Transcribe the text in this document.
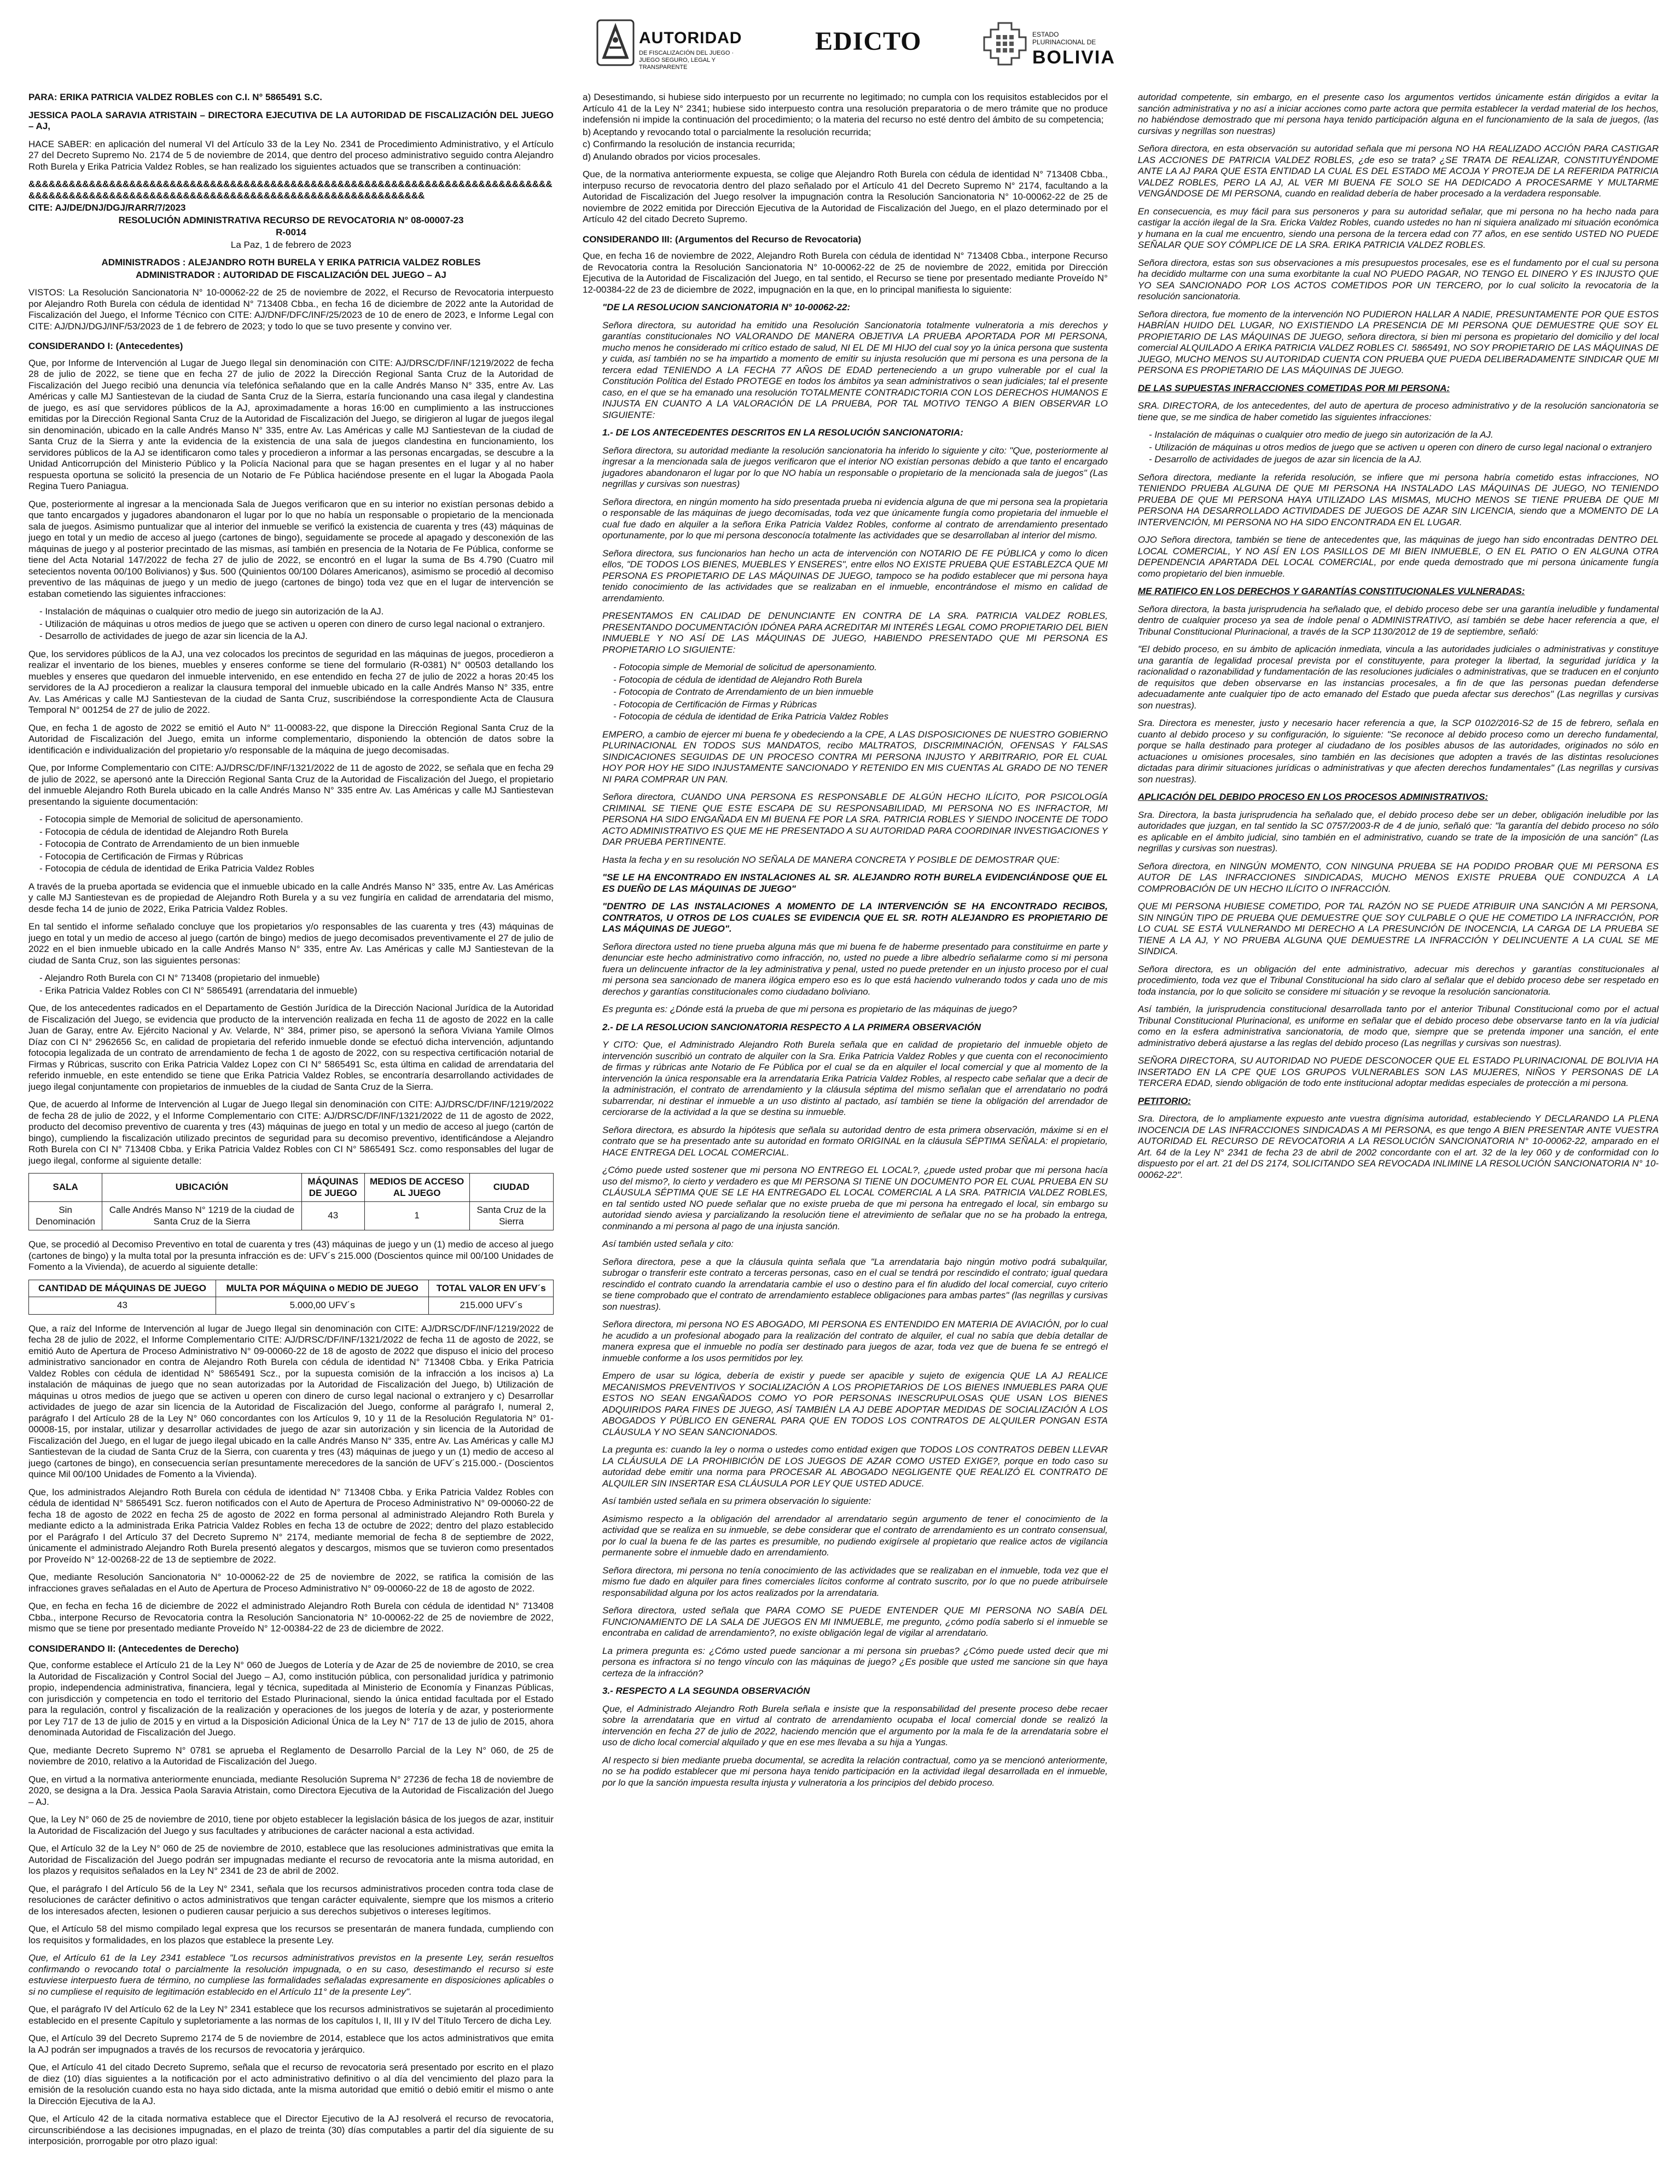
AUTORIDAD
DE FISCALIZACIÓN DEL JUEGO · JUEGO SEGURO, LEGAL Y TRANSPARENTE
EDICTO	ESTADO PLURINACIONAL DE
BOLIVIA

PARA: ERIKA PATRICIA VALDEZ ROBLES con C.I. N° 5865491 S.C.

JESSICA PAOLA SARAVIA ATRISTAIN – DIRECTORA EJECUTIVA DE LA AUTORIDAD DE FISCALIZACIÓN DEL JUEGO – AJ,

HACE SABER: en aplicación del numeral VI del Artículo 33 de la Ley No. 2341 de Procedimiento Administrativo, y el Artículo 27 del Decreto Supremo No. 2174 de 5 de noviembre de 2014, que dentro del proceso administrativo seguido contra Alejandro Roth Burela y Erika Patricia Valdez Robles, se han realizado los siguientes actuados que se transcriben a continuación:

&&&&&&&&&&&&&&&&&&&&&&&&&&&&&&&&&&&&&&&&&&&&&&&&&&&&&&&&&&&&&&&&&&&&&&&&&&&&&&&&&&&&&&&&&&&&&&&&&&&&&&&&&&&&&&&&&&&&&&&&&&&&&&&&&&&&&&&&&

CITE: AJ/DE/DNJ/DGJ/RARR/7/2023

RESOLUCIÓN ADMINISTRATIVA RECURSO DE REVOCATORIA N° 08-00007-23

R-0014

La Paz, 1 de febrero de 2023

ADMINISTRADOS : ALEJANDRO ROTH BURELA Y ERIKA PATRICIA VALDEZ ROBLES

ADMINISTRADOR : AUTORIDAD DE FISCALIZACIÓN DEL JUEGO – AJ

VISTOS: La Resolución Sancionatoria N° 10-00062-22 de 25 de noviembre de 2022, el Recurso de Revocatoria interpuesto por Alejandro Roth Burela con cédula de identidad N° 713408 Cbba., en fecha 16 de diciembre de 2022 ante la Autoridad de Fiscalización del Juego, el Informe Técnico con CITE: AJ/DNF/DFC/INF/25/2023 de 10 de enero de 2023, e Informe Legal con CITE: AJ/DNJ/DGJ/INF/53/2023 de 1 de febrero de 2023; y todo lo que se tuvo presente y convino ver.

CONSIDERANDO I: (Antecedentes)

Que, por Informe de Intervención al Lugar de Juego Ilegal sin denominación con CITE: AJ/DRSC/DF/INF/1219/2022 de fecha 28 de julio de 2022, se tiene que en fecha 27 de julio de 2022 la Dirección Regional Santa Cruz de la Autoridad de Fiscalización del Juego recibió una denuncia vía telefónica señalando que en la calle Andrés Manso N° 335, entre Av. Las Américas y calle MJ Santiestevan de la ciudad de Santa Cruz de la Sierra, estaría funcionando una casa ilegal y clandestina de juego, es así que servidores públicos de la AJ, aproximadamente a horas 16:00 en cumplimiento a las instrucciones emitidas por la Dirección Regional Santa Cruz de la Autoridad de Fiscalización del Juego, se dirigieron al lugar de juegos ilegal sin denominación, ubicado en la calle Andrés Manso N° 335, entre Av. Las Américas y calle MJ Santiestevan de la ciudad de Santa Cruz de la Sierra y ante la evidencia de la existencia de una sala de juegos clandestina en funcionamiento, los servidores públicos de la AJ se identificaron como tales y procedieron a informar a las personas encargadas, se descubre a la Unidad Anticorrupción del Ministerio Público y la Policía Nacional para que se hagan presentes en el lugar y al no haber respuesta oportuna se solicitó la presencia de un Notario de Fe Pública haciéndose presente en el lugar la Abogada Paola Regina Tuero Paniagua.

Que, posteriormente al ingresar a la mencionada Sala de Juegos verificaron que en su interior no existían personas debido a que tanto encargados y jugadores abandonaron el lugar por lo que no había un responsable o propietario de la mencionada sala de juegos. Asimismo puntualizar que al interior del inmueble se verificó la existencia de cuarenta y tres (43) máquinas de juego en total y un medio de acceso al juego (cartones de bingo), seguidamente se procede al apagado y desconexión de las máquinas de juego y al posterior precintado de las mismas, así también en presencia de la Notaria de Fe Pública, conforme se tiene del Acta Notarial 147/2022 de fecha 27 de julio de 2022, se encontró en el lugar la suma de Bs 4.790 (Cuatro mil setecientos noventa 00/100 Bolivianos) y $us. 500 (Quinientos 00/100 Dólares Americanos), asimismo se procedió al decomiso preventivo de las máquinas de juego y un medio de juego (cartones de bingo) toda vez que en el lugar de intervención se estaban cometiendo las siguientes infracciones:

- Instalación de máquinas o cualquier otro medio de juego sin autorización de la AJ.
- Utilización de máquinas u otros medios de juego que se activen u operen con dinero de curso legal nacional o extranjero.
- Desarrollo de actividades de juego de azar sin licencia de la AJ.

Que, los servidores públicos de la AJ, una vez colocados los precintos de seguridad en las máquinas de juegos, procedieron a realizar el inventario de los bienes, muebles y enseres conforme se tiene del formulario (R-0381) N° 00503 detallando los muebles y enseres que quedaron del inmueble intervenido, en ese entendido en fecha 27 de julio de 2022 a horas 20:45 los servidores de la AJ procedieron a realizar la clausura temporal del inmueble ubicado en la calle Andrés Manso N° 335, entre Av. Las Américas y calle MJ Santiestevan de la ciudad de Santa Cruz, suscribiéndose la correspondiente Acta de Clausura Temporal N° 001254 de 27 de julio de 2022.

Que, en fecha 1 de agosto de 2022 se emitió el Auto N° 11-00083-22, que dispone la Dirección Regional Santa Cruz de la Autoridad de Fiscalización del Juego, emita un informe complementario, disponiendo la obtención de datos sobre la identificación e individualización del propietario y/o responsable de la máquina de juego decomisadas.

Que, por Informe Complementario con CITE: AJ/DRSC/DF/INF/1321/2022 de 11 de agosto de 2022, se señala que en fecha 29 de julio de 2022, se apersonó ante la Dirección Regional Santa Cruz de la Autoridad de Fiscalización del Juego, el propietario del inmueble Alejandro Roth Burela ubicado en la calle Andrés Manso N° 335 entre Av. Las Américas y calle MJ Santiestevan presentando la siguiente documentación:

- Fotocopia simple de Memorial de solicitud de apersonamiento.
- Fotocopia de cédula de identidad de Alejandro Roth Burela
- Fotocopia de Contrato de Arrendamiento de un bien inmueble
- Fotocopia de Certificación de Firmas y Rúbricas
- Fotocopia de cédula de identidad de Erika Patricia Valdez Robles

A través de la prueba aportada se evidencia que el inmueble ubicado en la calle Andrés Manso N° 335, entre Av. Las Américas y calle MJ Santiestevan es de propiedad de Alejandro Roth Burela y a su vez fungiría en calidad de arrendataria del mismo, desde fecha 14 de junio de 2022, Erika Patricia Valdez Robles.

En tal sentido el informe señalado concluye que los propietarios y/o responsables de las cuarenta y tres (43) máquinas de juego en total y un medio de acceso al juego (cartón de bingo) medios de juego decomisados preventivamente el 27 de julio de 2022 en el bien inmueble ubicado en la calle Andrés Manso N° 335, entre Av. Las Américas y calle MJ Santiestevan de la ciudad de Santa Cruz, son las siguientes personas:

- Alejandro Roth Burela con CI N° 713408 (propietario del inmueble)
- Erika Patricia Valdez Robles con CI N° 5865491 (arrendataria del inmueble)

Que, de los antecedentes radicados en el Departamento de Gestión Jurídica de la Dirección Nacional Jurídica de la Autoridad de Fiscalización del Juego, se evidencia que producto de la intervención realizada en fecha 11 de agosto de 2022 en la calle Juan de Garay, entre Av. Ejército Nacional y Av. Velarde, N° 384, primer piso, se apersonó la señora Viviana Yamile Olmos Díaz con CI N° 2962656 Sc, en calidad de propietaria del referido inmueble donde se efectuó dicha intervención, adjuntando fotocopia legalizada de un contrato de arrendamiento de fecha 1 de agosto de 2022, con su respectiva certificación notarial de Firmas y Rúbricas, suscrito con Erika Patricia Valdez Lopez con CI N° 5865491 Sc, esta última en calidad de arrendataria del referido inmueble, en este entendido se tiene que Erika Patricia Valdez Robles, se encontraría desarrollando actividades de juego ilegal conjuntamente con propietarios de inmuebles de la ciudad de Santa Cruz de la Sierra.

Que, de acuerdo al Informe de Intervención al Lugar de Juego Ilegal sin denominación con CITE: AJ/DRSC/DF/INF/1219/2022 de fecha 28 de julio de 2022, y el Informe Complementario con CITE: AJ/DRSC/DF/INF/1321/2022 de 11 de agosto de 2022, producto del decomiso preventivo de cuarenta y tres (43) máquinas de juego en total y un medio de acceso al juego (cartón de bingo), cumpliendo la fiscalización utilizado precintos de seguridad para su decomiso preventivo, identificándose a Alejandro Roth Burela con CI N° 713408 Cbba. y Erika Patricia Valdez Robles con CI N° 5865491 Scz. como responsables del lugar de juego ilegal, conforme al siguiente detalle:

SALA	UBICACIÓN	MÁQUINAS DE JUEGO	MEDIOS DE ACCESO AL JUEGO	CIUDAD
Sin Denominación	Calle Andrés Manso N° 1219 de la ciudad de Santa Cruz de la Sierra	43	1	Santa Cruz de la Sierra

Que, se procedió al Decomiso Preventivo en total de cuarenta y tres (43) máquinas de juego y un (1) medio de acceso al juego (cartones de bingo) y la multa total por la presunta infracción es de: UFV´s 215.000 (Doscientos quince mil 00/100 Unidades de Fomento a la Vivienda), de acuerdo al siguiente detalle:

CANTIDAD DE MÁQUINAS DE JUEGO	MULTA POR MÁQUINA o MEDIO DE JUEGO	TOTAL VALOR EN UFV´s
43	5.000,00 UFV´s	215.000 UFV´s

Que, a raíz del Informe de Intervención al lugar de Juego Ilegal sin denominación con CITE: AJ/DRSC/DF/INF/1219/2022 de fecha 28 de julio de 2022, el Informe Complementario CITE: AJ/DRSC/DF/INF/1321/2022 de fecha 11 de agosto de 2022, se emitió Auto de Apertura de Proceso Administrativo N° 09-00060-22 de 18 de agosto de 2022 que dispuso el inicio del proceso administrativo sancionador en contra de Alejandro Roth Burela con cédula de identidad N° 713408 Cbba. y Erika Patricia Valdez Robles con cédula de identidad N° 5865491 Scz., por la supuesta comisión de la infracción a los incisos a) La instalación de máquinas de juego que no sean autorizadas por la Autoridad de Fiscalización del Juego, b) Utilización de máquinas u otros medios de juego que se activen u operen con dinero de curso legal nacional o extranjero y c) Desarrollar actividades de juego de azar sin licencia de la Autoridad de Fiscalización del Juego, conforme al parágrafo I, numeral 2, parágrafo I del Artículo 28 de la Ley N° 060 concordantes con los Artículos 9, 10 y 11 de la Resolución Regulatoria N° 01-00008-15, por instalar, utilizar y desarrollar actividades de juego de azar sin autorización y sin licencia de la Autoridad de Fiscalización del Juego, en el lugar de juego ilegal ubicado en la calle Andrés Manso N° 335, entre Av. Las Américas y calle MJ Santiestevan de la ciudad de Santa Cruz de la Sierra, con cuarenta y tres (43) máquinas de juego y un (1) medio de acceso al juego (cartones de bingo), en consecuencia serían presuntamente merecedores de la sanción de UFV´s 215.000.- (Doscientos quince Mil 00/100 Unidades de Fomento a la Vivienda).

Que, los administrados Alejandro Roth Burela con cédula de identidad N° 713408 Cbba. y Erika Patricia Valdez Robles con cédula de identidad N° 5865491 Scz. fueron notificados con el Auto de Apertura de Proceso Administrativo N° 09-00060-22 de fecha 18 de agosto de 2022 en fecha 25 de agosto de 2022 en forma personal al administrado Alejandro Roth Burela y mediante edicto a la administrada Erika Patricia Valdez Robles en fecha 13 de octubre de 2022; dentro del plazo establecido por el Parágrafo I del Artículo 37 del Decreto Supremo N° 2174, mediante memorial de fecha 8 de septiembre de 2022, únicamente el administrado Alejandro Roth Burela presentó alegatos y descargos, mismos que se tuvieron como presentados por Proveído N° 12-00268-22 de 13 de septiembre de 2022.

Que, mediante Resolución Sancionatoria N° 10-00062-22 de 25 de noviembre de 2022, se ratifica la comisión de las infracciones graves señaladas en el Auto de Apertura de Proceso Administrativo N° 09-00060-22 de 18 de agosto de 2022.

Que, en fecha en fecha 16 de diciembre de 2022 el administrado Alejandro Roth Burela con cédula de identidad N° 713408 Cbba., interpone Recurso de Revocatoria contra la Resolución Sancionatoria N° 10-00062-22 de 25 de noviembre de 2022, mismo que se tiene por presentado mediante Proveído N° 12-00384-22 de 23 de diciembre de 2022.

CONSIDERANDO II: (Antecedentes de Derecho)

Que, conforme establece el Artículo 21 de la Ley N° 060 de Juegos de Lotería y de Azar de 25 de noviembre de 2010, se crea la Autoridad de Fiscalización y Control Social del Juego – AJ, como institución pública, con personalidad jurídica y patrimonio propio, independencia administrativa, financiera, legal y técnica, supeditada al Ministerio de Economía y Finanzas Públicas, con jurisdicción y competencia en todo el territorio del Estado Plurinacional, siendo la única entidad facultada por el Estado para la regulación, control y fiscalización de la realización y operaciones de los juegos de lotería y de azar, y posteriormente por Ley 717 de 13 de julio de 2015 y en virtud a la Disposición Adicional Única de la Ley N° 717 de 13 de julio de 2015, ahora denominada Autoridad de Fiscalización del Juego.

Que, mediante Decreto Supremo N° 0781 se aprueba el Reglamento de Desarrollo Parcial de la Ley N° 060, de 25 de noviembre de 2010, relativo a la Autoridad de Fiscalización del Juego.

Que, en virtud a la normativa anteriormente enunciada, mediante Resolución Suprema N° 27236 de fecha 18 de noviembre de 2020, se designa a la Dra. Jessica Paola Saravia Atristain, como Directora Ejecutiva de la Autoridad de Fiscalización del Juego – AJ.

Que, la Ley N° 060 de 25 de noviembre de 2010, tiene por objeto establecer la legislación básica de los juegos de azar, instituir la Autoridad de Fiscalización del Juego y sus facultades y atribuciones de carácter nacional a esta actividad.

Que, el Artículo 32 de la Ley N° 060 de 25 de noviembre de 2010, establece que las resoluciones administrativas que emita la Autoridad de Fiscalización del Juego podrán ser impugnadas mediante el recurso de revocatoria ante la misma autoridad, en los plazos y requisitos señalados en la Ley N° 2341 de 23 de abril de 2002.

Que, el parágrafo I del Artículo 56 de la Ley N° 2341, señala que los recursos administrativos proceden contra toda clase de resoluciones de carácter definitivo o actos administrativos que tengan carácter equivalente, siempre que los mismos a criterio de los interesados afecten, lesionen o pudieren causar perjuicio a sus derechos subjetivos o intereses legítimos.

Que, el Artículo 58 del mismo compilado legal expresa que los recursos se presentarán de manera fundada, cumpliendo con los requisitos y formalidades, en los plazos que establece la presente Ley.

Que, el Artículo 61 de la Ley 2341 establece "Los recursos administrativos previstos en la presente Ley, serán resueltos confirmando o revocando total o parcialmente la resolución impugnada, o en su caso, desestimando el recurso si este estuviese interpuesto fuera de término, no cumpliese las formalidades señaladas expresamente en disposiciones aplicables o si no cumpliese el requisito de legitimación establecido en el Artículo 11° de la presente Ley".

Que, el parágrafo IV del Artículo 62 de la Ley N° 2341 establece que los recursos administrativos se sujetarán al procedimiento establecido en el presente Capítulo y supletoriamente a las normas de los capítulos I, II, III y IV del Título Tercero de dicha Ley.

Que, el Artículo 39 del Decreto Supremo 2174 de 5 de noviembre de 2014, establece que los actos administrativos que emita la AJ podrán ser impugnados a través de los recursos de revocatoria y jerárquico.

Que, el Artículo 41 del citado Decreto Supremo, señala que el recurso de revocatoria será presentado por escrito en el plazo de diez (10) días siguientes a la notificación por el acto administrativo definitivo o al día del vencimiento del plazo para la emisión de la resolución cuando esta no haya sido dictada, ante la misma autoridad que emitió o debió emitir el mismo o ante la Dirección Ejecutiva de la AJ.

Que, el Artículo 42 de la citada normativa establece que el Director Ejecutivo de la AJ resolverá el recurso de revocatoria, circunscribiéndose a las decisiones impugnadas, en el plazo de treinta (30) días computables a partir del día siguiente de su interposición, prorrogable por otro plazo igual:

a) Desestimando, si hubiese sido interpuesto por un recurrente no legitimado; no cumpla con los requisitos establecidos por el Artículo 41 de la Ley N° 2341; hubiese sido interpuesto contra una resolución preparatoria o de mero trámite que no produce indefensión ni impide la continuación del procedimiento; o la materia del recurso no esté dentro del ámbito de su competencia;

b) Aceptando y revocando total o parcialmente la resolución recurrida;

c) Confirmando la resolución de instancia recurrida;

d) Anulando obrados por vicios procesales.

Que, de la normativa anteriormente expuesta, se colige que Alejandro Roth Burela con cédula de identidad N° 713408 Cbba., interpuso recurso de revocatoria dentro del plazo señalado por el Artículo 41 del Decreto Supremo N° 2174, facultando a la Autoridad de Fiscalización del Juego resolver la impugnación contra la Resolución Sancionatoria N° 10-00062-22 de 25 de noviembre de 2022 emitida por Dirección Ejecutiva de la Autoridad de Fiscalización del Juego, en el plazo determinado por el Artículo 42 del citado Decreto Supremo.

CONSIDERANDO III: (Argumentos del Recurso de Revocatoria)

Que, en fecha 16 de noviembre de 2022, Alejandro Roth Burela con cédula de identidad N° 713408 Cbba., interpone Recurso de Revocatoria contra la Resolución Sancionatoria N° 10-00062-22 de 25 de noviembre de 2022, emitida por Dirección Ejecutiva de la Autoridad de Fiscalización del Juego, en tal sentido, el Recurso se tiene por presentado mediante Proveído N° 12-00384-22 de 23 de diciembre de 2022, impugnación en la que, en lo principal manifiesta lo siguiente:

"DE LA RESOLUCION SANCIONATORIA N° 10-00062-22:

Señora directora, su autoridad ha emitido una Resolución Sancionatoria totalmente vulneratoria a mis derechos y garantías constitucionales NO VALORANDO DE MANERA OBJETIVA LA PRUEBA APORTADA POR MI PERSONA, mucho menos he considerado mi crítico estado de salud, NI EL DE MI HIJO del cual soy yo la única persona que sustenta y cuida, así también no se ha impartido a momento de emitir su injusta resolución que mi persona es una persona de la tercera edad TENIENDO A LA FECHA 77 AÑOS DE EDAD perteneciendo a un grupo vulnerable por el cual la Constitución Política del Estado PROTEGE en todos los ámbitos ya sean administrativos o sean judiciales; tal el presente caso, en el que se ha emanado una resolución TOTALMENTE CONTRADICTORIA CON LOS DERECHOS HUMANOS E INJUSTA EN CUANTO A LA VALORACIÓN DE LA PRUEBA, POR TAL MOTIVO TENGO A BIEN OBSERVAR LO SIGUIENTE:

1.- DE LOS ANTECEDENTES DESCRITOS EN LA RESOLUCIÓN SANCIONATORIA:

Señora directora, su autoridad mediante la resolución sancionatoria ha inferido lo siguiente y cito: "Que, posteriormente al ingresar a la mencionada sala de juegos verificaron que el interior NO existían personas debido a que tanto el encargado jugadores abandonaron el lugar por lo que NO había un responsable o propietario de la mencionada sala de juegos" (Las negrillas y cursivas son nuestras)

Señora directora, en ningún momento ha sido presentada prueba ni evidencia alguna de que mi persona sea la propietaria o responsable de las máquinas de juego decomisadas, toda vez que únicamente fungía como propietaria del inmueble el cual fue dado en alquiler a la señora Erika Patricia Valdez Robles, conforme al contrato de arrendamiento presentado oportunamente, por lo que mi persona desconocía totalmente las actividades que se desarrollaban al interior del mismo.

Señora directora, sus funcionarios han hecho un acta de intervención con NOTARIO DE FE PÚBLICA y como lo dicen ellos, "DE TODOS LOS BIENES, MUEBLES Y ENSERES", entre ellos NO EXISTE PRUEBA QUE ESTABLEZCA QUE MI PERSONA ES PROPIETARIO DE LAS MÁQUINAS DE JUEGO, tampoco se ha podido establecer que mi persona haya tenido conocimiento de las actividades que se realizaban en el inmueble, encontrándose el mismo en calidad de arrendamiento.

PRESENTAMOS EN CALIDAD DE DENUNCIANTE EN CONTRA DE LA SRA. PATRICIA VALDEZ ROBLES, PRESENTANDO DOCUMENTACIÓN IDÓNEA PARA ACREDITAR MI INTERÉS LEGAL COMO PROPIETARIO DEL BIEN INMUEBLE Y NO ASÍ DE LAS MÁQUINAS DE JUEGO, HABIENDO PRESENTADO QUE MI PERSONA ES PROPIETARIO LO SIGUIENTE:

- Fotocopia simple de Memorial de solicitud de apersonamiento.
- Fotocopia de cédula de identidad de Alejandro Roth Burela
- Fotocopia de Contrato de Arrendamiento de un bien inmueble
- Fotocopia de Certificación de Firmas y Rúbricas
- Fotocopia de cédula de identidad de Erika Patricia Valdez Robles

EMPERO, a cambio de ejercer mi buena fe y obedeciendo a la CPE, A LAS DISPOSICIONES DE NUESTRO GOBIERNO PLURINACIONAL EN TODOS SUS MANDATOS, recibo MALTRATOS, DISCRIMINACIÓN, OFENSAS Y FALSAS SINDICACIONES SEGUIDAS DE UN PROCESO CONTRA MI PERSONA INJUSTO Y ARBITRARIO, POR EL CUAL HOY POR HOY HE SIDO INJUSTAMENTE SANCIONADO Y RETENIDO EN MIS CUENTAS AL GRADO DE NO TENER NI PARA COMPRAR UN PAN.

Señora directora, CUANDO UNA PERSONA ES RESPONSABLE DE ALGÚN HECHO ILÍCITO, POR PSICOLOGÍA CRIMINAL SE TIENE QUE ESTE ESCAPA DE SU RESPONSABILIDAD, MI PERSONA NO ES INFRACTOR, MI PERSONA HA SIDO ENGAÑADA EN MI BUENA FE POR LA SRA. PATRICIA ROBLES Y SIENDO INOCENTE DE TODO ACTO ADMINISTRATIVO ES QUE ME HE PRESENTADO A SU AUTORIDAD PARA COORDINAR INVESTIGACIONES Y DAR PRUEBA PERTINENTE.

Hasta la fecha y en su resolución NO SEÑALA DE MANERA CONCRETA Y POSIBLE DE DEMOSTRAR QUE:

"SE LE HA ENCONTRADO EN INSTALACIONES AL SR. ALEJANDRO ROTH BURELA EVIDENCIÁNDOSE QUE EL ES DUEÑO DE LAS MÁQUINAS DE JUEGO"

"DENTRO DE LAS INSTALACIONES A MOMENTO DE LA INTERVENCIÓN SE HA ENCONTRADO RECIBOS, CONTRATOS, U OTROS DE LOS CUALES SE EVIDENCIA QUE EL SR. ROTH ALEJANDRO ES PROPIETARIO DE LAS MÁQUINAS DE JUEGO".

Señora directora usted no tiene prueba alguna más que mi buena fe de haberme presentado para constituirme en parte y denunciar este hecho administrativo como infracción, no, usted no puede a libre albedrío señalarme como si mi persona fuera un delincuente infractor de la ley administrativa y penal, usted no puede pretender en un injusto proceso por el cual mi persona sea sancionado de manera ilógica empero eso es lo que está haciendo vulnerando todos y cada uno de mis derechos y garantías constitucionales como ciudadano boliviano.

Es pregunta es: ¿Dónde está la prueba de que mi persona es propietario de las máquinas de juego?

2.- DE LA RESOLUCION SANCIONATORIA RESPECTO A LA PRIMERA OBSERVACIÓN

Y CITO: Que, el Administrado Alejandro Roth Burela señala que en calidad de propietario del inmueble objeto de intervención suscribió un contrato de alquiler con la Sra. Erika Patricia Valdez Robles y que cuenta con el reconocimiento de firmas y rúbricas ante Notario de Fe Pública por el cual se da en alquiler el local comercial y que al momento de la intervención la única responsable era la arrendataria Erika Patricia Valdez Robles, al respecto cabe señalar que a decir de la administración, el contrato de arrendamiento y la cláusula séptima del mismo señalan que el arrendatario no podrá subarrendar, ni destinar el inmueble a un uso distinto al pactado, así también se tiene la obligación del arrendador de cerciorarse de la actividad a la que se destina su inmueble.

Señora directora, es absurdo la hipótesis que señala su autoridad dentro de esta primera observación, máxime si en el contrato que se ha presentado ante su autoridad en formato ORIGINAL en la cláusula SÉPTIMA SEÑALA: el propietario, HACE ENTREGA DEL LOCAL COMERCIAL.

¿Cómo puede usted sostener que mi persona NO ENTREGO EL LOCAL?, ¿puede usted probar que mi persona hacía uso del mismo?, lo cierto y verdadero es que MI PERSONA SI TIENE UN DOCUMENTO POR EL CUAL PRUEBA EN SU CLÁUSULA SÉPTIMA QUE SE LE HA ENTREGADO EL LOCAL COMERCIAL A LA SRA. PATRICIA VALDEZ ROBLES, en tal sentido usted NO puede señalar que no existe prueba de que mi persona ha entregado el local, sin embargo su autoridad siendo aviesa y parcializando la resolución tiene el atrevimiento de señalar que no se ha probado la entrega, conminando a mi persona al pago de una injusta sanción.

Así también usted señala y cito:

Señora directora, pese a que la cláusula quinta señala que "La arrendataria bajo ningún motivo podrá subalquilar, subrogar o transferir este contrato a terceras personas, caso en el cual se tendrá por rescindido el contrato; igual quedara rescindido el contrato cuando la arrendataria cambie el uso o destino para el fin aludido del local comercial, cuyo criterio se tiene comprobado que el contrato de arrendamiento establece obligaciones para ambas partes" (las negrillas y cursivas son nuestras).

Señora directora, mi persona NO ES ABOGADO, MI PERSONA ES ENTENDIDO EN MATERIA DE AVIACIÓN, por lo cual he acudido a un profesional abogado para la realización del contrato de alquiler, el cual no sabía que debía detallar de manera expresa que el inmueble no podía ser destinado para juegos de azar, toda vez que de buena fe se entregó el inmueble conforme a los usos permitidos por ley.

Empero de usar su lógica, debería de existir y puede ser apacible y sujeto de exigencia QUE LA AJ REALICE MECANISMOS PREVENTIVOS Y SOCIALIZACIÓN A LOS PROPIETARIOS DE LOS BIENES INMUEBLES PARA QUE ESTOS NO SEAN ENGAÑADOS COMO YO POR PERSONAS INESCRUPULOSAS QUE USAN LOS BIENES ADQUIRIDOS PARA FINES DE JUEGO, ASÍ TAMBIÉN LA AJ DEBE ADOPTAR MEDIDAS DE SOCIALIZACIÓN A LOS ABOGADOS Y PÚBLICO EN GENERAL PARA QUE EN TODOS LOS CONTRATOS DE ALQUILER PONGAN ESTA CLÁUSULA Y NO SEAN SANCIONADOS.

La pregunta es: cuando la ley o norma o ustedes como entidad exigen que TODOS LOS CONTRATOS DEBEN LLEVAR LA CLÁUSULA DE LA PROHIBICIÓN DE LOS JUEGOS DE AZAR COMO USTED EXIGE?, porque en todo caso su autoridad debe emitir una norma para PROCESAR AL ABOGADO NEGLIGENTE QUE REALIZÓ EL CONTRATO DE ALQUILER SIN INSERTAR ESA CLÁUSULA POR LEY QUE USTED ADUCE.

Así también usted señala en su primera observación lo siguiente:

Asimismo respecto a la obligación del arrendador al arrendatario según argumento de tener el conocimiento de la actividad que se realiza en su inmueble, se debe considerar que el contrato de arrendamiento es un contrato consensual, por lo cual la buena fe de las partes es presumible, no pudiendo exigírsele al propietario que realice actos de vigilancia permanente sobre el inmueble dado en arrendamiento.

Señora directora, mi persona no tenía conocimiento de las actividades que se realizaban en el inmueble, toda vez que el mismo fue dado en alquiler para fines comerciales lícitos conforme al contrato suscrito, por lo que no puede atribuírsele responsabilidad alguna por los actos realizados por la arrendataria.

Señora directora, usted señala que PARA COMO SE PUEDE ENTENDER QUE MI PERSONA NO SABÍA DEL FUNCIONAMIENTO DE LA SALA DE JUEGOS EN MI INMUEBLE, me pregunto, ¿cómo podía saberlo si el inmueble se encontraba en calidad de arrendamiento?, no existe obligación legal de vigilar al arrendatario.

La primera pregunta es: ¿Cómo usted puede sancionar a mi persona sin pruebas? ¿Cómo puede usted decir que mi persona es infractora si no tengo vínculo con las máquinas de juego? ¿Es posible que usted me sancione sin que haya certeza de la infracción?

3.- RESPECTO A LA SEGUNDA OBSERVACIÓN

Que, el Administrado Alejandro Roth Burela señala e insiste que la responsabilidad del presente proceso debe recaer sobre la arrendataria que en virtud al contrato de arrendamiento ocupaba el local comercial donde se realizó la intervención en fecha 27 de julio de 2022, haciendo mención que el argumento por la mala fe de la arrendataria sobre el uso de dicho local comercial alquilado y que en ese mes llevaba a su hija a Yungas.

Al respecto si bien mediante prueba documental, se acredita la relación contractual, como ya se mencionó anteriormente, no se ha podido establecer que mi persona haya tenido participación en la actividad ilegal desarrollada en el inmueble, por lo que la sanción impuesta resulta injusta y vulneratoria a los principios del debido proceso.

autoridad competente, sin embargo, en el presente caso los argumentos vertidos únicamente están dirigidos a evitar la sanción administrativa y no así a iniciar acciones como parte actora que permita establecer la verdad material de los hechos, no habiéndose demostrado que mi persona haya tenido participación alguna en el funcionamiento de la sala de juegos, (las cursivas y negrillas son nuestras)

Señora directora, en esta observación su autoridad señala que mi persona NO HA REALIZADO ACCIÓN PARA CASTIGAR LAS ACCIONES DE PATRICIA VALDEZ ROBLES, ¿de eso se trata? ¿SE TRATA DE REALIZAR, CONSTITUYÉNDOME ANTE LA AJ PARA QUE ESTA ENTIDAD LA CUAL ES DEL ESTADO ME ACOJA Y PROTEJA DE LA REFERIDA PATRICIA VALDEZ ROBLES, PERO LA AJ, AL VER MI BUENA FE SOLO SE HA DEDICADO A PROCESARME Y MULTARME VENGÁNDOSE DE MI PERSONA, cuando en realidad debería de haber procesado a la verdadera responsable.

En consecuencia, es muy fácil para sus personeros y para su autoridad señalar, que mi persona no ha hecho nada para castigar la acción ilegal de la Sra. Ericka Valdez Robles, cuando ustedes no han ni siquiera analizado mi situación económica y humana en la cual me encuentro, siendo una persona de la tercera edad con 77 años, en ese sentido USTED NO PUEDE SEÑALAR QUE SOY CÓMPLICE DE LA SRA. ERIKA PATRICIA VALDEZ ROBLES.

Señora directora, estas son sus observaciones a mis presupuestos procesales, ese es el fundamento por el cual su persona ha decidido multarme con una suma exorbitante la cual NO PUEDO PAGAR, NO TENGO EL DINERO Y ES INJUSTO QUE YO SEA SANCIONADO POR LOS ACTOS COMETIDOS POR UN TERCERO, por lo cual solicito la revocatoria de la resolución sancionatoria.

Señora directora, fue momento de la intervención NO PUDIERON HALLAR A NADIE, PRESUNTAMENTE POR QUE ESTOS HABRÍAN HUIDO DEL LUGAR, NO EXISTIENDO LA PRESENCIA DE MI PERSONA QUE DEMUESTRE QUE SOY EL PROPIETARIO DE LAS MÁQUINAS DE JUEGO, señora directora, si bien mi persona es propietario del domicilio y del local comercial ALQUILADO A ERIKA PATRICIA VALDEZ ROBLES CI. 5865491, NO SOY PROPIETARIO DE LAS MÁQUINAS DE JUEGO, MUCHO MENOS SU AUTORIDAD CUENTA CON PRUEBA QUE PUEDA DELIBERADAMENTE SINDICAR QUE MI PERSONA ES PROPIETARIO DE LAS MÁQUINAS DE JUEGO.

DE LAS SUPUESTAS INFRACCIONES COMETIDAS POR MI PERSONA:

SRA. DIRECTORA, de los antecedentes, del auto de apertura de proceso administrativo y de la resolución sancionatoria se tiene que, se me sindica de haber cometido las siguientes infracciones:

- Instalación de máquinas o cualquier otro medio de juego sin autorización de la AJ.
- Utilización de máquinas u otros medios de juego que se activen u operen con dinero de curso legal nacional o extranjero
- Desarrollo de actividades de juegos de azar sin licencia de la AJ.

Señora directora, mediante la referida resolución, se infiere que mi persona habría cometido estas infracciones, NO TENIENDO PRUEBA ALGUNA DE QUE MI PERSONA HA INSTALADO LAS MÁQUINAS DE JUEGO, NO TENIENDO PRUEBA DE QUE MI PERSONA HAYA UTILIZADO LAS MISMAS, MUCHO MENOS SE TIENE PRUEBA DE QUE MI PERSONA HA DESARROLLADO ACTIVIDADES DE JUEGOS DE AZAR SIN LICENCIA, siendo que a MOMENTO DE LA INTERVENCIÓN, MI PERSONA NO HA SIDO ENCONTRADA EN EL LUGAR.

OJO Señora directora, también se tiene de antecedentes que, las máquinas de juego han sido encontradas DENTRO DEL LOCAL COMERCIAL, Y NO ASÍ EN LOS PASILLOS DE MI BIEN INMUEBLE, O EN EL PATIO O EN ALGUNA OTRA DEPENDENCIA APARTADA DEL LOCAL COMERCIAL, por ende queda demostrado que mi persona únicamente fungía como propietario del bien inmueble.

ME RATIFICO EN LOS DERECHOS Y GARANTÍAS CONSTITUCIONALES VULNERADAS:

Señora directora, la basta jurisprudencia ha señalado que, el debido proceso debe ser una garantía ineludible y fundamental dentro de cualquier proceso ya sea de índole penal o ADMINISTRATIVO, así también se debe hacer referencia a que, el Tribunal Constitucional Plurinacional, a través de la SCP 1130/2012 de 19 de septiembre, señaló:

"El debido proceso, en su ámbito de aplicación inmediata, vincula a las autoridades judiciales o administrativas y constituye una garantía de legalidad procesal prevista por el constituyente, para proteger la libertad, la seguridad jurídica y la racionalidad o razonabilidad y fundamentación de las resoluciones judiciales o administrativas, que se traducen en el conjunto de requisitos que deben observarse en las instancias procesales, a fin de que las personas puedan defenderse adecuadamente ante cualquier tipo de acto emanado del Estado que pueda afectar sus derechos" (Las negrillas y cursivas son nuestras).

Sra. Directora es menester, justo y necesario hacer referencia a que, la SCP 0102/2016-S2 de 15 de febrero, señala en cuanto al debido proceso y su configuración, lo siguiente: "Se reconoce al debido proceso como un derecho fundamental, porque se halla destinado para proteger al ciudadano de los posibles abusos de las autoridades, originados no sólo en actuaciones u omisiones procesales, sino también en las decisiones que adopten a través de las distintas resoluciones dictadas para dirimir situaciones jurídicas o administrativas y que afecten derechos fundamentales" (Las negrillas y cursivas son nuestras).

APLICACIÓN DEL DEBIDO PROCESO EN LOS PROCESOS ADMINISTRATIVOS:

Sra. Directora, la basta jurisprudencia ha señalado que, el debido proceso debe ser un deber, obligación ineludible por las autoridades que juzgan, en tal sentido la SC 0757/2003-R de 4 de junio, señaló que: "la garantía del debido proceso no sólo es aplicable en el ámbito judicial, sino también en el administrativo, cuando se trate de la imposición de una sanción" (Las negrillas y cursivas son nuestras).

Señora directora, en NINGÚN MOMENTO, CON NINGUNA PRUEBA SE HA PODIDO PROBAR QUE MI PERSONA ES AUTOR DE LAS INFRACCIONES SINDICADAS, MUCHO MENOS EXISTE PRUEBA QUE CONDUZCA A LA COMPROBACIÓN DE UN HECHO ILÍCITO O INFRACCIÓN.

QUE MI PERSONA HUBIESE COMETIDO, POR TAL RAZÓN NO SE PUEDE ATRIBUIR UNA SANCIÓN A MI PERSONA, SIN NINGÚN TIPO DE PRUEBA QUE DEMUESTRE QUE SOY CULPABLE O QUE HE COMETIDO LA INFRACCIÓN, POR LO CUAL SE ESTÁ VULNERANDO MI DERECHO A LA PRESUNCIÓN DE INOCENCIA, LA CARGA DE LA PRUEBA SE TIENE A LA AJ, Y NO PRUEBA ALGUNA QUE DEMUESTRE LA INFRACCIÓN Y DELINCUENTE A LA CUAL SE ME SINDICA.

Señora directora, es un obligación del ente administrativo, adecuar mis derechos y garantías constitucionales al procedimiento, toda vez que el Tribunal Constitucional ha sido claro al señalar que el debido proceso debe ser respetado en toda instancia, por lo que solicito se considere mi situación y se revoque la resolución sancionatoria.

Así también, la jurisprudencia constitucional desarrollada tanto por el anterior Tribunal Constitucional como por el actual Tribunal Constitucional Plurinacional, es uniforme en señalar que el debido proceso debe observarse tanto en la vía judicial como en la esfera administrativa sancionatoria, de modo que, siempre que se pretenda imponer una sanción, el ente administrativo deberá ajustarse a las reglas del debido proceso (Las negrillas y cursivas son nuestras).

SEÑORA DIRECTORA, SU AUTORIDAD NO PUEDE DESCONOCER QUE EL ESTADO PLURINACIONAL DE BOLIVIA HA INSERTADO EN LA CPE QUE LOS GRUPOS VULNERABLES SON LAS MUJERES, NIÑOS Y PERSONAS DE LA TERCERA EDAD, siendo obligación de todo ente institucional adoptar medidas especiales de protección a mi persona.

PETITORIO:

Sra. Directora, de lo ampliamente expuesto ante vuestra dignísima autoridad, estableciendo Y DECLARANDO LA PLENA INOCENCIA DE LAS INFRACCIONES SINDICADAS A MI PERSONA, es que tengo A BIEN PRESENTAR ANTE VUESTRA AUTORIDAD EL RECURSO DE REVOCATORIA A LA RESOLUCIÓN SANCIONATORIA N° 10-00062-22, amparado en el Art. 64 de la Ley N° 2341 de fecha 23 de abril de 2002 concordante con el art. 32 de la ley 060 y de conformidad con lo dispuesto por el art. 21 del DS 2174, SOLICITANDO SEA REVOCADA INLIMINE LA RESOLUCIÓN SANCIONATORIA N° 10-00062-22".
